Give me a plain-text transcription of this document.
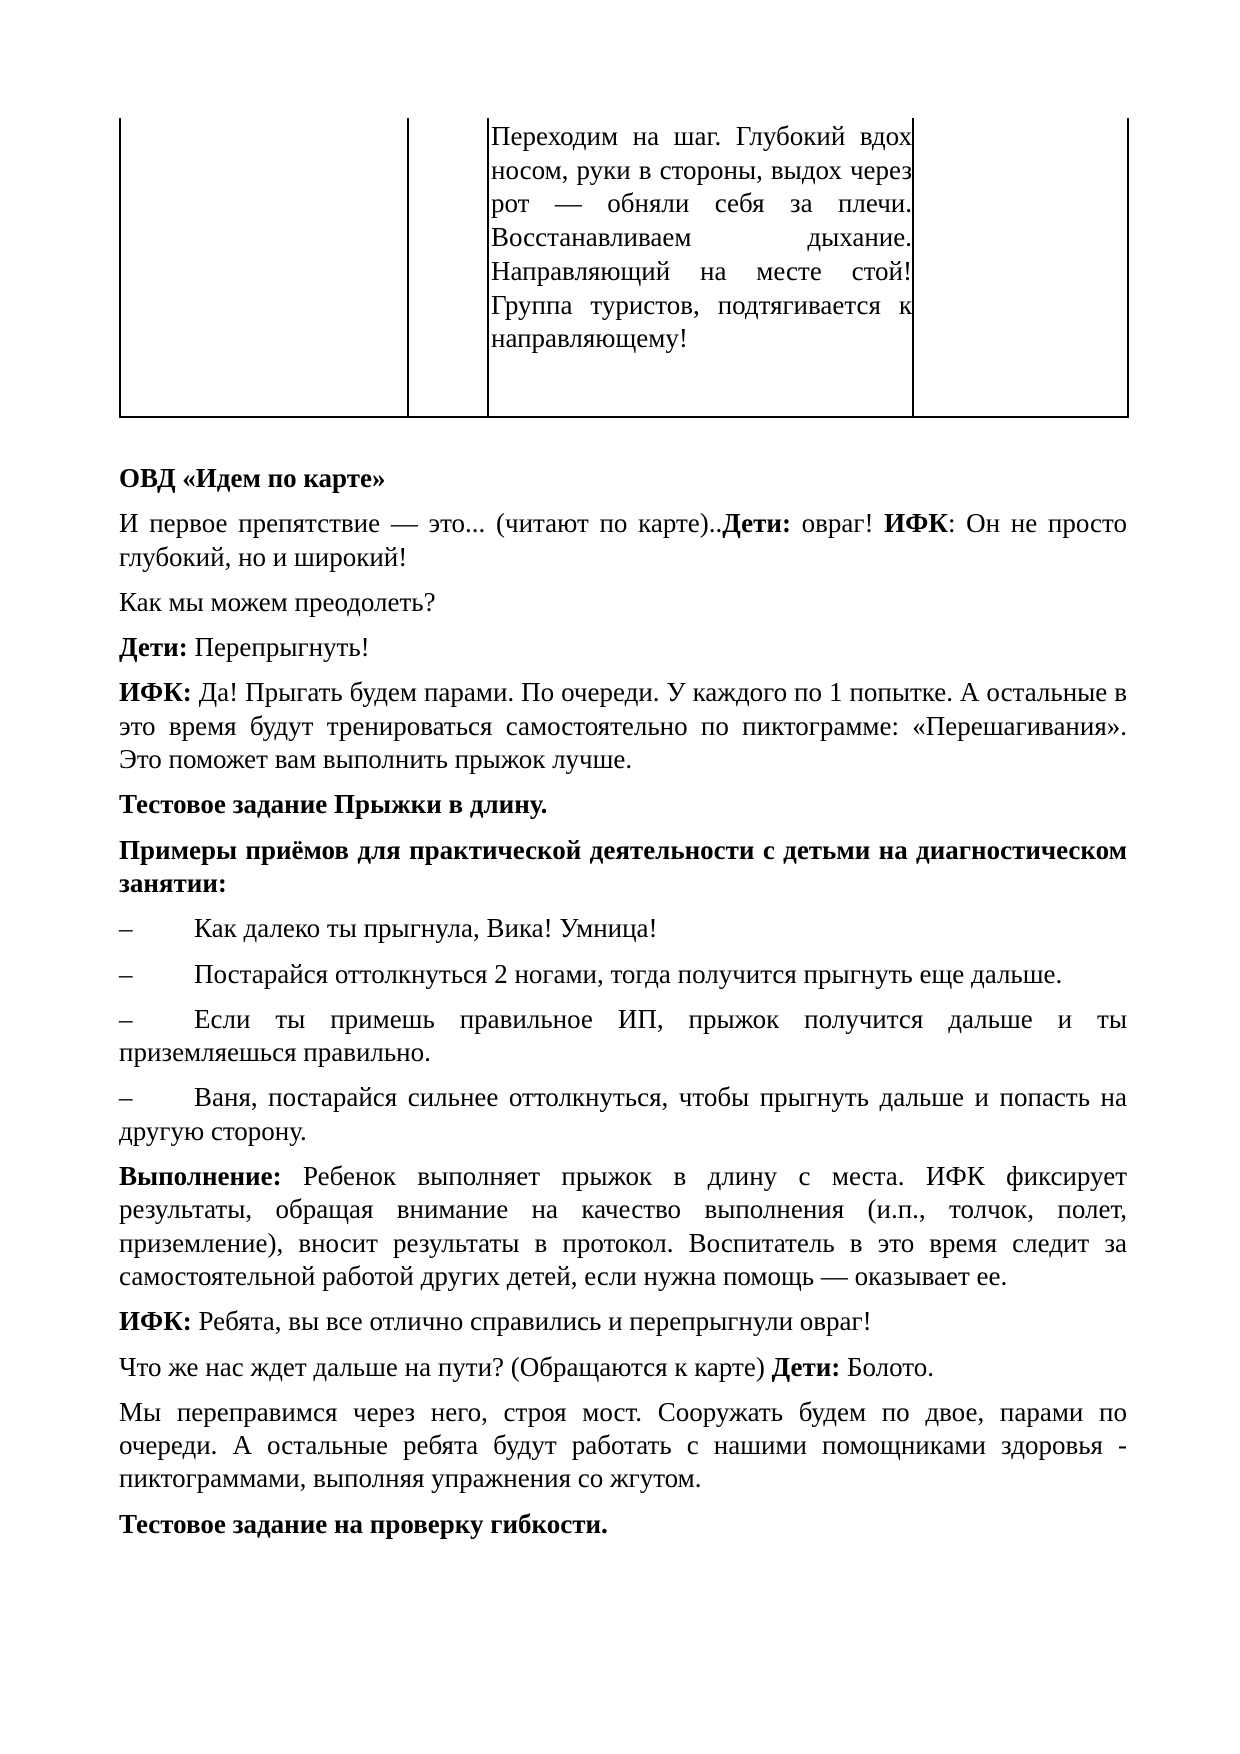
Переходим на шаг. Глубокий вдох носом, руки в стороны, выдох через рот — обняли себя за плечи. Восстанавливаем дыхание. Направляющий на месте стой! Группа туристов, подтягивается к направляющему!

ОВД «Идем по карте»

И первое препятствие — это... (читают по карте)..Дети: овраг! ИФК: Он не просто глубокий, но и широкий!

Как мы можем преодолеть?

Дети: Перепрыгнуть!

ИФК: Да! Прыгать будем парами. По очереди. У каждого по 1 попытке. А остальные в это время будут тренироваться самостоятельно по пиктограмме: «Перешагивания». Это поможет вам выполнить прыжок лучше.

Тестовое задание Прыжки в длину.

Примеры приёмов для практической деятельности с детьми на диагностическом занятии:

– Как далеко ты прыгнула, Вика! Умница!

– Постарайся оттолкнуться 2 ногами, тогда получится прыгнуть еще дальше.

– Если ты примешь правильное ИП, прыжок получится дальше и ты приземляешься правильно.

– Ваня, постарайся сильнее оттолкнуться, чтобы прыгнуть дальше и попасть на другую сторону.

Выполнение: Ребенок выполняет прыжок в длину с места. ИФК фиксирует результаты, обращая внимание на качество выполнения (и.п., толчок, полет, приземление), вносит результаты в протокол. Воспитатель в это время следит за самостоятельной работой других детей, если нужна помощь — оказывает ее.

ИФК: Ребята, вы все отлично справились и перепрыгнули овраг!

Что же нас ждет дальше на пути? (Обращаются к карте) Дети: Болото.

Мы переправимся через него, строя мост. Сооружать будем по двое, парами по очереди. А остальные ребята будут работать с нашими помощниками здоровья - пиктограммами, выполняя упражнения со жгутом.

Тестовое задание на проверку гибкости.
